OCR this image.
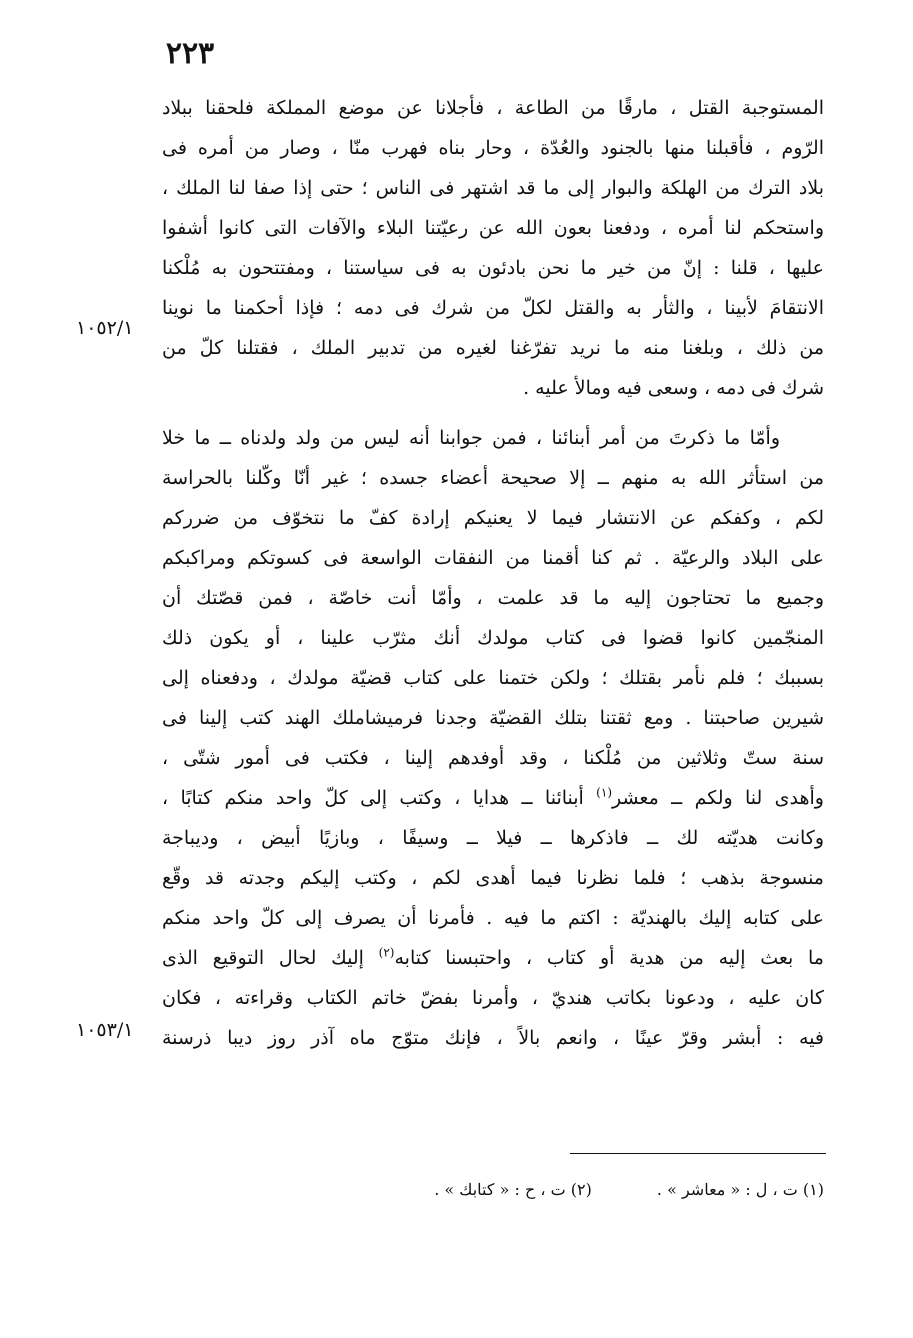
٢٢٣
١٠٥٢/١
١٠٥٣/١
المستوجبة القتل ، مارقًا من الطاعة ، فأجلانا عن موضع المملكة فلحقنا ببلاد
الرّوم ، فأقبلنا منها بالجنود والعُدّة ، وحار بناه فهرب منّا ، وصار من أمره فى
بلاد الترك من الهلكة والبوار إلى ما قد اشتهر فى الناس ؛ حتى إذا صفا لنا الملك ،
واستحكم لنا أمره ، ودفعنا بعون الله عن رعيّتنا البلاء والآفات التى كانوا أشفوا
عليها ، قلنا : إنّ من خير ما نحن بادئون به فى سياستنا ، ومفتتحون به مُلْكنا
الانتقامَ لأبينا ، والثأر به والقتل لكلّ من شرك فى دمه ؛ فإذا أحكمنا ما نوينا
من ذلك ، وبلغنا منه ما نريد تفرّغنا لغيره من تدبير الملك ، فقتلنا كلّ من
شرك فى دمه ، وسعى فيه ومالأ عليه .
وأمّا ما ذكرتَ من أمر أبنائنا ، فمن جوابنا أنه ليس من ولد ولدناه ــ ما خلا
من استأثر الله به منهم ــ إلا صحيحة أعضاء جسده ؛ غير أنّا وكّلنا بالحراسة
لكم ، وكفكم عن الانتشار فيما لا يعنيكم إرادة كفّ ما نتخوّف من ضرركم
على البلاد والرعيّة . ثم كنا أقمنا من النفقات الواسعة فى كسوتكم ومراكبكم
وجميع ما تحتاجون إليه ما قد علمت ، وأمّا أنت خاصّة ، فمن قصّتك أن
المنجّمين كانوا قضوا فى كتاب مولدك أنك مثرّب علينا ، أو يكون ذلك
بسببك ؛ فلم نأمر بقتلك ؛ ولكن ختمنا على كتاب قضيّة مولدك ، ودفعناه إلى
شيرين صاحبتنا . ومع ثقتنا بتلك القضيّة وجدنا فرميشاملك الهند كتب إلينا فى
سنة ستّ وثلاثين من مُلْكنا ، وقد أوفدهم إلينا ، فكتب فى أمور شتّى ،
وأهدى لنا ولكم ــ معشر$^{(١)}$ أبنائنا ــ هدايا ، وكتب إلى كلّ واحد منكم كتابًا ،
وكانت هديّته لك ــ فاذكرها ــ فيلا ــ وسيفًا ، وبازيًا أبيض ، وديباجة
منسوجة بذهب ؛ فلما نظرنا فيما أهدى لكم ، وكتب إليكم وجدته قد وقّع
على كتابه إليك بالهنديّة : اكتم ما فيه . فأمرنا أن يصرف إلى كلّ واحد منكم
ما بعث إليه من هدية أو كتاب ، واحتبسنا كتابه$^{(٢)}$ إليك لحال التوقيع الذى
كان عليه ، ودعونا بكاتب هنديّ ، وأمرنا بفضّ خاتم الكتاب وقراءته ، فكان
فيه : أبشر وقرّ عينًا ، وانعم بالاً ، فإنك متوّج ماه آذر روز ديبا ذرسنة
(١) ت ، ل : « معاشر » . (٢) ت ، ح : « كتابك » .
